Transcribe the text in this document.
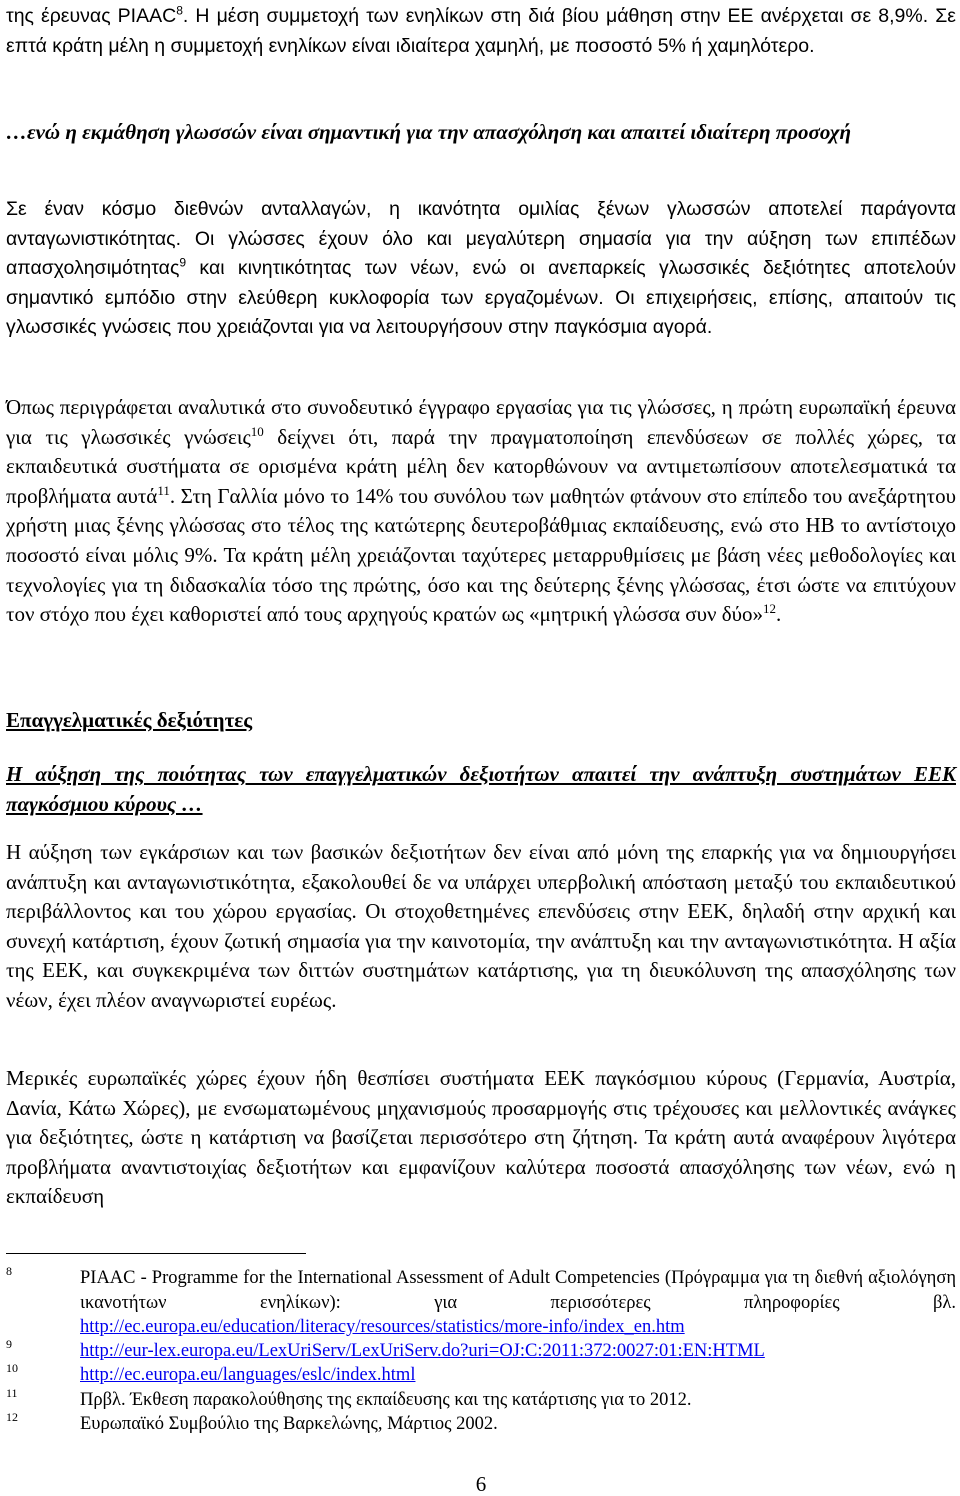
της έρευνας PIAAC$^8$. Η μέση συμμετοχή των ενηλίκων στη διά βίου μάθηση στην ΕΕ ανέρχεται σε 8,9%. Σε επτά κράτη μέλη η συμμετοχή ενηλίκων είναι ιδιαίτερα χαμηλή, με ποσοστό 5% ή χαμηλότερο.

…ενώ η εκμάθηση γλωσσών είναι σημαντική για την απασχόληση και απαιτεί ιδιαίτερη προσοχή

Σε έναν κόσμο διεθνών ανταλλαγών, η ικανότητα ομιλίας ξένων γλωσσών αποτελεί παράγοντα ανταγωνιστικότητας. Οι γλώσσες έχουν όλο και μεγαλύτερη σημασία για την αύξηση των επιπέδων απασχολησιμότητας$^9$ και κινητικότητας των νέων, ενώ οι ανεπαρκείς γλωσσικές δεξιότητες αποτελούν σημαντικό εμπόδιο στην ελεύθερη κυκλοφορία των εργαζομένων. Οι επιχειρήσεις, επίσης, απαιτούν τις γλωσσικές γνώσεις που χρειάζονται για να λειτουργήσουν στην παγκόσμια αγορά.

Όπως περιγράφεται αναλυτικά στο συνοδευτικό έγγραφο εργασίας για τις γλώσσες, η πρώτη ευρωπαϊκή έρευνα για τις γλωσσικές γνώσεις$^{10}$ δείχνει ότι, παρά την πραγματοποίηση επενδύσεων σε πολλές χώρες, τα εκπαιδευτικά συστήματα σε ορισμένα κράτη μέλη δεν κατορθώνουν να αντιμετωπίσουν αποτελεσματικά τα προβλήματα αυτά$^{11}$. Στη Γαλλία μόνο το 14% του συνόλου των μαθητών φτάνουν στο επίπεδο του ανεξάρτητου χρήστη μιας ξένης γλώσσας στο τέλος της κατώτερης δευτεροβάθμιας εκπαίδευσης, ενώ στο ΗΒ το αντίστοιχο ποσοστό είναι μόλις 9%. Τα κράτη μέλη χρειάζονται ταχύτερες μεταρρυθμίσεις με βάση νέες μεθοδολογίες και τεχνολογίες για τη διδασκαλία τόσο της πρώτης, όσο και της δεύτερης ξένης γλώσσας, έτσι ώστε να επιτύχουν τον στόχο που έχει καθοριστεί από τους αρχηγούς κρατών ως «μητρική γλώσσα συν δύο»$^{12}$.

Επαγγελματικές δεξιότητες

Η αύξηση της ποιότητας των επαγγελματικών δεξιοτήτων απαιτεί την ανάπτυξη συστημάτων ΕΕΚ παγκόσμιου κύρους …

Η αύξηση των εγκάρσιων και των βασικών δεξιοτήτων δεν είναι από μόνη της επαρκής για να δημιουργήσει ανάπτυξη και ανταγωνιστικότητα, εξακολουθεί δε να υπάρχει υπερβολική απόσταση μεταξύ του εκπαιδευτικού περιβάλλοντος και του χώρου εργασίας. Οι στοχοθετημένες επενδύσεις στην ΕΕΚ, δηλαδή στην αρχική και συνεχή κατάρτιση, έχουν ζωτική σημασία για την καινοτομία, την ανάπτυξη και την ανταγωνιστικότητα. Η αξία της ΕΕΚ, και συγκεκριμένα των διττών συστημάτων κατάρτισης, για τη διευκόλυνση της απασχόλησης των νέων, έχει πλέον αναγνωριστεί ευρέως.

Μερικές ευρωπαϊκές χώρες έχουν ήδη θεσπίσει συστήματα ΕΕΚ παγκόσμιου κύρους (Γερμανία, Αυστρία, Δανία, Κάτω Χώρες), με ενσωματωμένους μηχανισμούς προσαρμογής στις τρέχουσες και μελλοντικές ανάγκες για δεξιότητες, ώστε η κατάρτιση να βασίζεται περισσότερο στη ζήτηση. Τα κράτη αυτά αναφέρουν λιγότερα προβλήματα αναντιστοιχίας δεξιοτήτων και εμφανίζουν καλύτερα ποσοστά απασχόλησης των νέων, ενώ η εκπαίδευση

8	PIAAC - Programme for the International Assessment of Adult Competencies (Πρόγραμμα για τη διεθνή αξιολόγηση ικανοτήτων ενηλίκων): για περισσότερες πληροφορίες βλ. http://ec.europa.eu/education/literacy/resources/statistics/more-info/index_en.htm
9	http://eur-lex.europa.eu/LexUriServ/LexUriServ.do?uri=OJ:C:2011:372:0027:01:EN:HTML
10	http://ec.europa.eu/languages/eslc/index.html
11	Πρβλ. Έκθεση παρακολούθησης της εκπαίδευσης και της κατάρτισης για το 2012.
12	Ευρωπαϊκό Συμβούλιο της Βαρκελώνης, Μάρτιος 2002.
6
